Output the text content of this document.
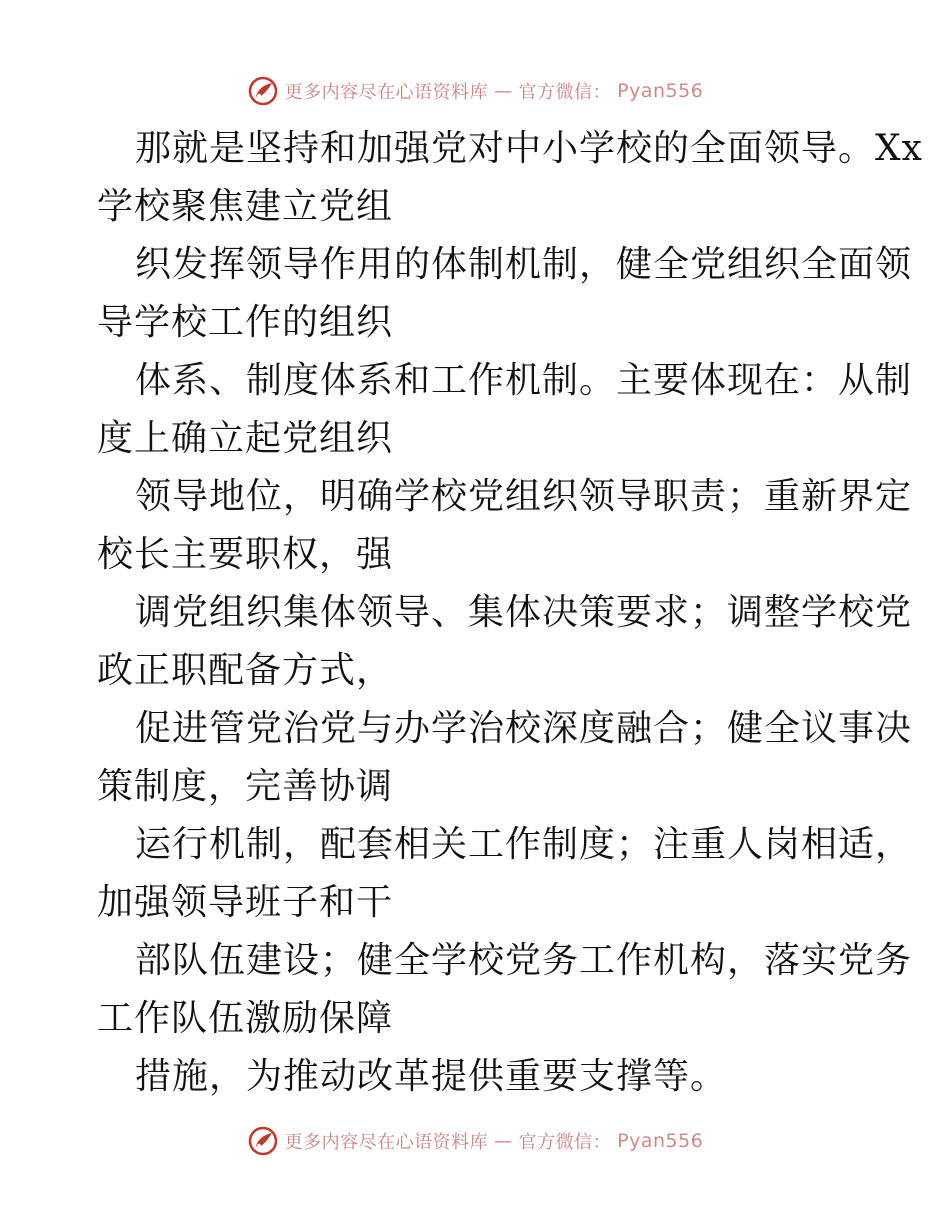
更多内容尽在心语资料库 — 官方微信： Pyan556

那就是坚持和加强党对中小学校的全面领导。Xx
学校聚焦建立党组

织发挥领导作用的体制机制，健全党组织全面领
导学校工作的组织

体系、制度体系和工作机制。主要体现在：从制
度上确立起党组织

领导地位，明确学校党组织领导职责；重新界定
校长主要职权，强

调党组织集体领导、集体决策要求；调整学校党
政正职配备方式，

促进管党治党与办学治校深度融合；健全议事决
策制度，完善协调

运行机制，配套相关工作制度；注重人岗相适，
加强领导班子和干

部队伍建设；健全学校党务工作机构，落实党务
工作队伍激励保障

措施，为推动改革提供重要支撑等。

更多内容尽在心语资料库 — 官方微信： Pyan556
